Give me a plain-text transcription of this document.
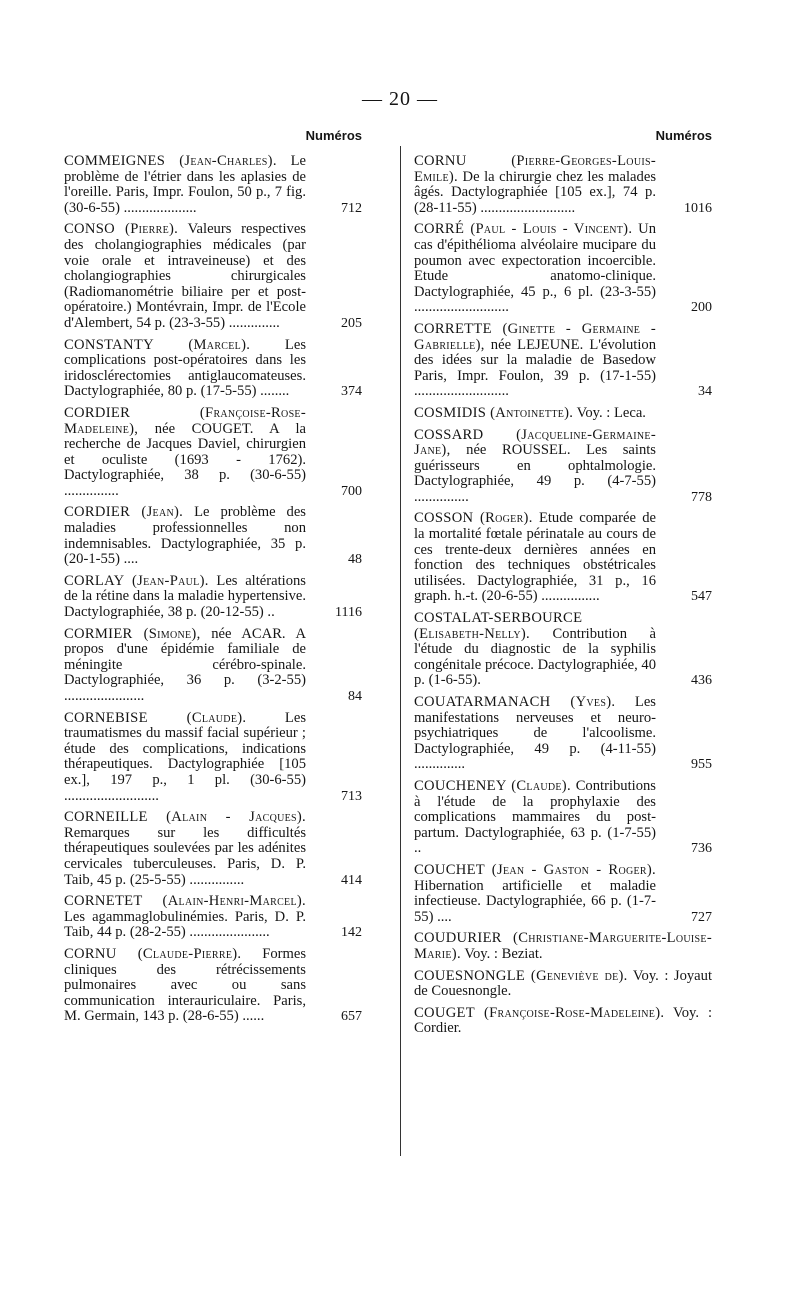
— 20 —
Numéros
COMMEIGNES (Jean-Charles). Le problème de l'étrier dans les aplasies de l'oreille. Paris, Impr. Foulon, 50 p., 7 fig. (30-6-55) ....................	712
CONSO (Pierre). Valeurs respectives des cholangiographies médicales (par voie orale et intraveineuse) et des cholangiographies chirurgicales (Radiomanométrie biliaire per et post-opératoire.) Montévrain, Impr. de l'Ecole d'Alembert, 54 p. (23-3-55) ..............	205
CONSTANTY (Marcel). Les complications post-opératoires dans les iridosclérectomies antiglaucomateuses. Dactylographiée, 80 p. (17-5-55) ........	374
CORDIER (Françoise-Rose-Madeleine), née COUGET. A la recherche de Jacques Daviel, chirurgien et oculiste (1693 - 1762). Dactylographiée, 38 p. (30-6-55) ...............	700
CORDIER (Jean). Le problème des maladies professionnelles non indemnisables. Dactylographiée, 35 p. (20-1-55) ....	48
CORLAY (Jean-Paul). Les altérations de la rétine dans la maladie hypertensive. Dactylographiée, 38 p. (20-12-55) ..	1116
CORMIER (Simone), née ACAR. A propos d'une épidémie familiale de méningite cérébro-spinale. Dactylographiée, 36 p. (3-2-55) ......................	84
CORNEBISE (Claude).	Les traumatismes du massif facial supérieur ; étude des complications, indications thérapeutiques. Dactylographiée [105 ex.], 197 p., 1 pl. (30-6-55) ..........................	713
CORNEILLE (Alain - Jacques). Remarques sur les difficultés thérapeutiques soulevées par les adénites cervicales tuberculeuses. Paris, D. P. Taib, 45 p. (25-5-55) ...............	414
CORNETET (Alain-Henri-Marcel). Les agammaglobulinémies. Paris, D. P. Taib, 44 p. (28-2-55) ......................	142
CORNU (Claude-Pierre). Formes cliniques des rétrécissements pulmonaires avec ou sans communication interauriculaire. Paris, M. Germain, 143 p. (28-6-55) ......	657
Numéros
CORNU (Pierre-Georges-Louis-Emile). De la chirurgie chez les malades âgés. Dactylographiée [105 ex.], 74 p. (28-11-55) ..........................	1016
CORRÉ (Paul - Louis - Vincent). Un cas d'épithélioma alvéolaire mucipare du poumon avec expectoration incoercible. Etude anatomo-clinique. Dactylographiée, 45 p., 6 pl. (23-3-55) ..........................	200
CORRETTE (Ginette - Germaine - Gabrielle), née LEJEUNE. L'évolution des idées sur la maladie de Basedow Paris, Impr. Foulon, 39 p. (17-1-55) ..........................	34
COSMIDIS (Antoinette). Voy. : Leca.
COSSARD (Jacqueline-Germaine-Jane), née ROUSSEL. Les saints guérisseurs en ophtalmologie. Dactylographiée, 49 p. (4-7-55) ...............	778
COSSON (Roger). Etude comparée de la mortalité fœtale périnatale au cours de ces trente-deux dernières années en fonction des techniques obstétricales utilisées. Dactylographiée, 31 p., 16 graph. h.-t. (20-6-55) ................	547
COSTALAT-SERBOURCE (Elisabeth-Nelly). Contribution à l'étude du diagnostic de la syphilis congénitale précoce. Dactylographiée, 40 p. (1-6-55).	436
COUATARMANACH (Yves). Les manifestations nerveuses et neuro-psychiatriques de l'alcoolisme. Dactylographiée, 49 p. (4-11-55) ..............	955
COUCHENEY (Claude). Contributions à l'étude de la prophylaxie des complications mammaires du post-partum. Dactylographiée, 63 p. (1-7-55) ..	736
COUCHET (Jean - Gaston - Roger). Hibernation artificielle et maladie infectieuse. Dactylographiée, 66 p. (1-7-55) ....	727
COUDURIER (Christiane-Marguerite-Louise-Marie). Voy. : Beziat.
COUESNONGLE (Geneviève de). Voy. : Joyaut de Couesnongle.
COUGET (Françoise-Rose-Madeleine). Voy. : Cordier.
